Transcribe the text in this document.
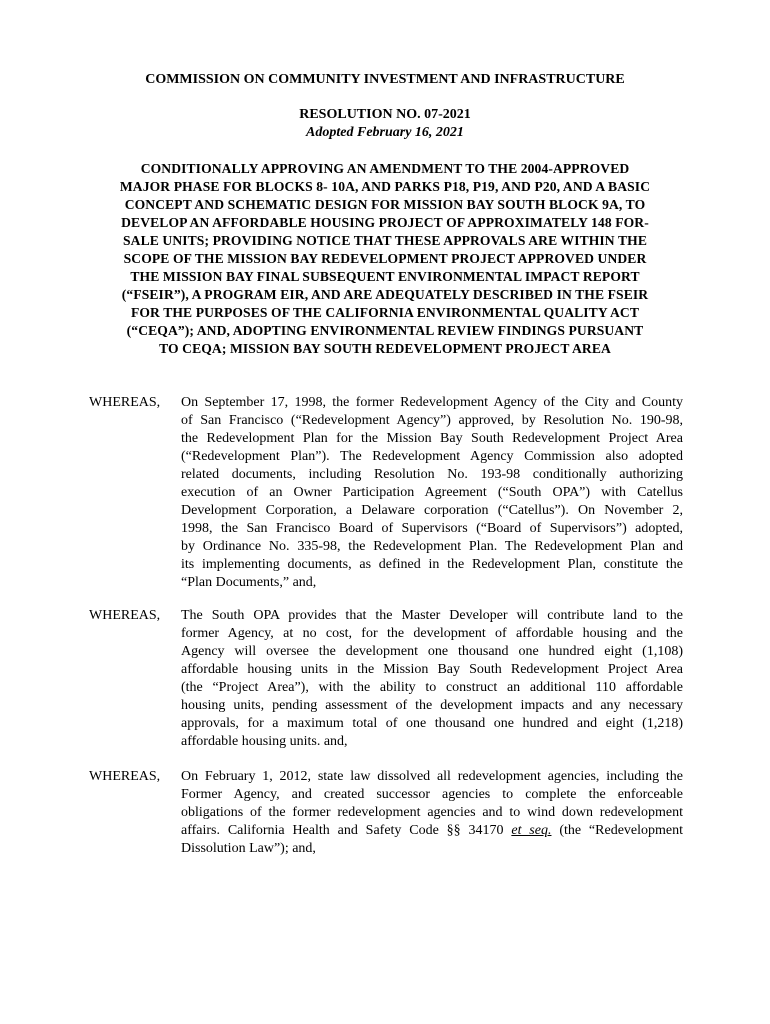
COMMISSION ON COMMUNITY INVESTMENT AND INFRASTRUCTURE
RESOLUTION NO. 07-2021
Adopted February 16, 2021
CONDITIONALLY APPROVING AN AMENDMENT TO THE 2004-APPROVED
MAJOR PHASE FOR BLOCKS 8- 10A, AND PARKS P18, P19, AND P20, AND A BASIC
CONCEPT AND SCHEMATIC DESIGN FOR MISSION BAY SOUTH BLOCK 9A, TO
DEVELOP AN AFFORDABLE HOUSING PROJECT OF APPROXIMATELY 148 FOR-
SALE UNITS; PROVIDING NOTICE THAT THESE APPROVALS ARE WITHIN THE
SCOPE OF THE MISSION BAY REDEVELOPMENT PROJECT APPROVED UNDER
THE MISSION BAY FINAL SUBSEQUENT ENVIRONMENTAL IMPACT REPORT
(“FSEIR”), A PROGRAM EIR, AND ARE ADEQUATELY DESCRIBED IN THE FSEIR
FOR THE PURPOSES OF THE CALIFORNIA ENVIRONMENTAL QUALITY ACT
(“CEQA”); AND, ADOPTING ENVIRONMENTAL REVIEW FINDINGS PURSUANT
TO CEQA; MISSION BAY SOUTH REDEVELOPMENT PROJECT AREA
WHEREAS, On September 17, 1998, the former Redevelopment Agency of the City and County
of San Francisco (“Redevelopment Agency”) approved, by Resolution No. 190-98,
the Redevelopment Plan for the Mission Bay South Redevelopment Project Area
(“Redevelopment Plan”). The Redevelopment Agency Commission also adopted
related documents, including Resolution No. 193-98 conditionally authorizing
execution of an Owner Participation Agreement (“South OPA”) with Catellus
Development Corporation, a Delaware corporation (“Catellus”). On November 2,
1998, the San Francisco Board of Supervisors (“Board of Supervisors”) adopted,
by Ordinance No. 335-98, the Redevelopment Plan. The Redevelopment Plan and
its implementing documents, as defined in the Redevelopment Plan, constitute the
“Plan Documents,” and,
WHEREAS, The South OPA provides that the Master Developer will contribute land to the
former Agency, at no cost, for the development of affordable housing and the
Agency will oversee the development one thousand one hundred eight (1,108)
affordable housing units in the Mission Bay South Redevelopment Project Area
(the “Project Area”), with the ability to construct an additional 110 affordable
housing units, pending assessment of the development impacts and any necessary
approvals, for a maximum total of one thousand one hundred and eight (1,218)
affordable housing units. and,
WHEREAS, On February 1, 2012, state law dissolved all redevelopment agencies, including the
Former Agency, and created successor agencies to complete the enforceable
obligations of the former redevelopment agencies and to wind down redevelopment
affairs. California Health and Safety Code §§ 34170 et seq. (the “Redevelopment
Dissolution Law”); and,
